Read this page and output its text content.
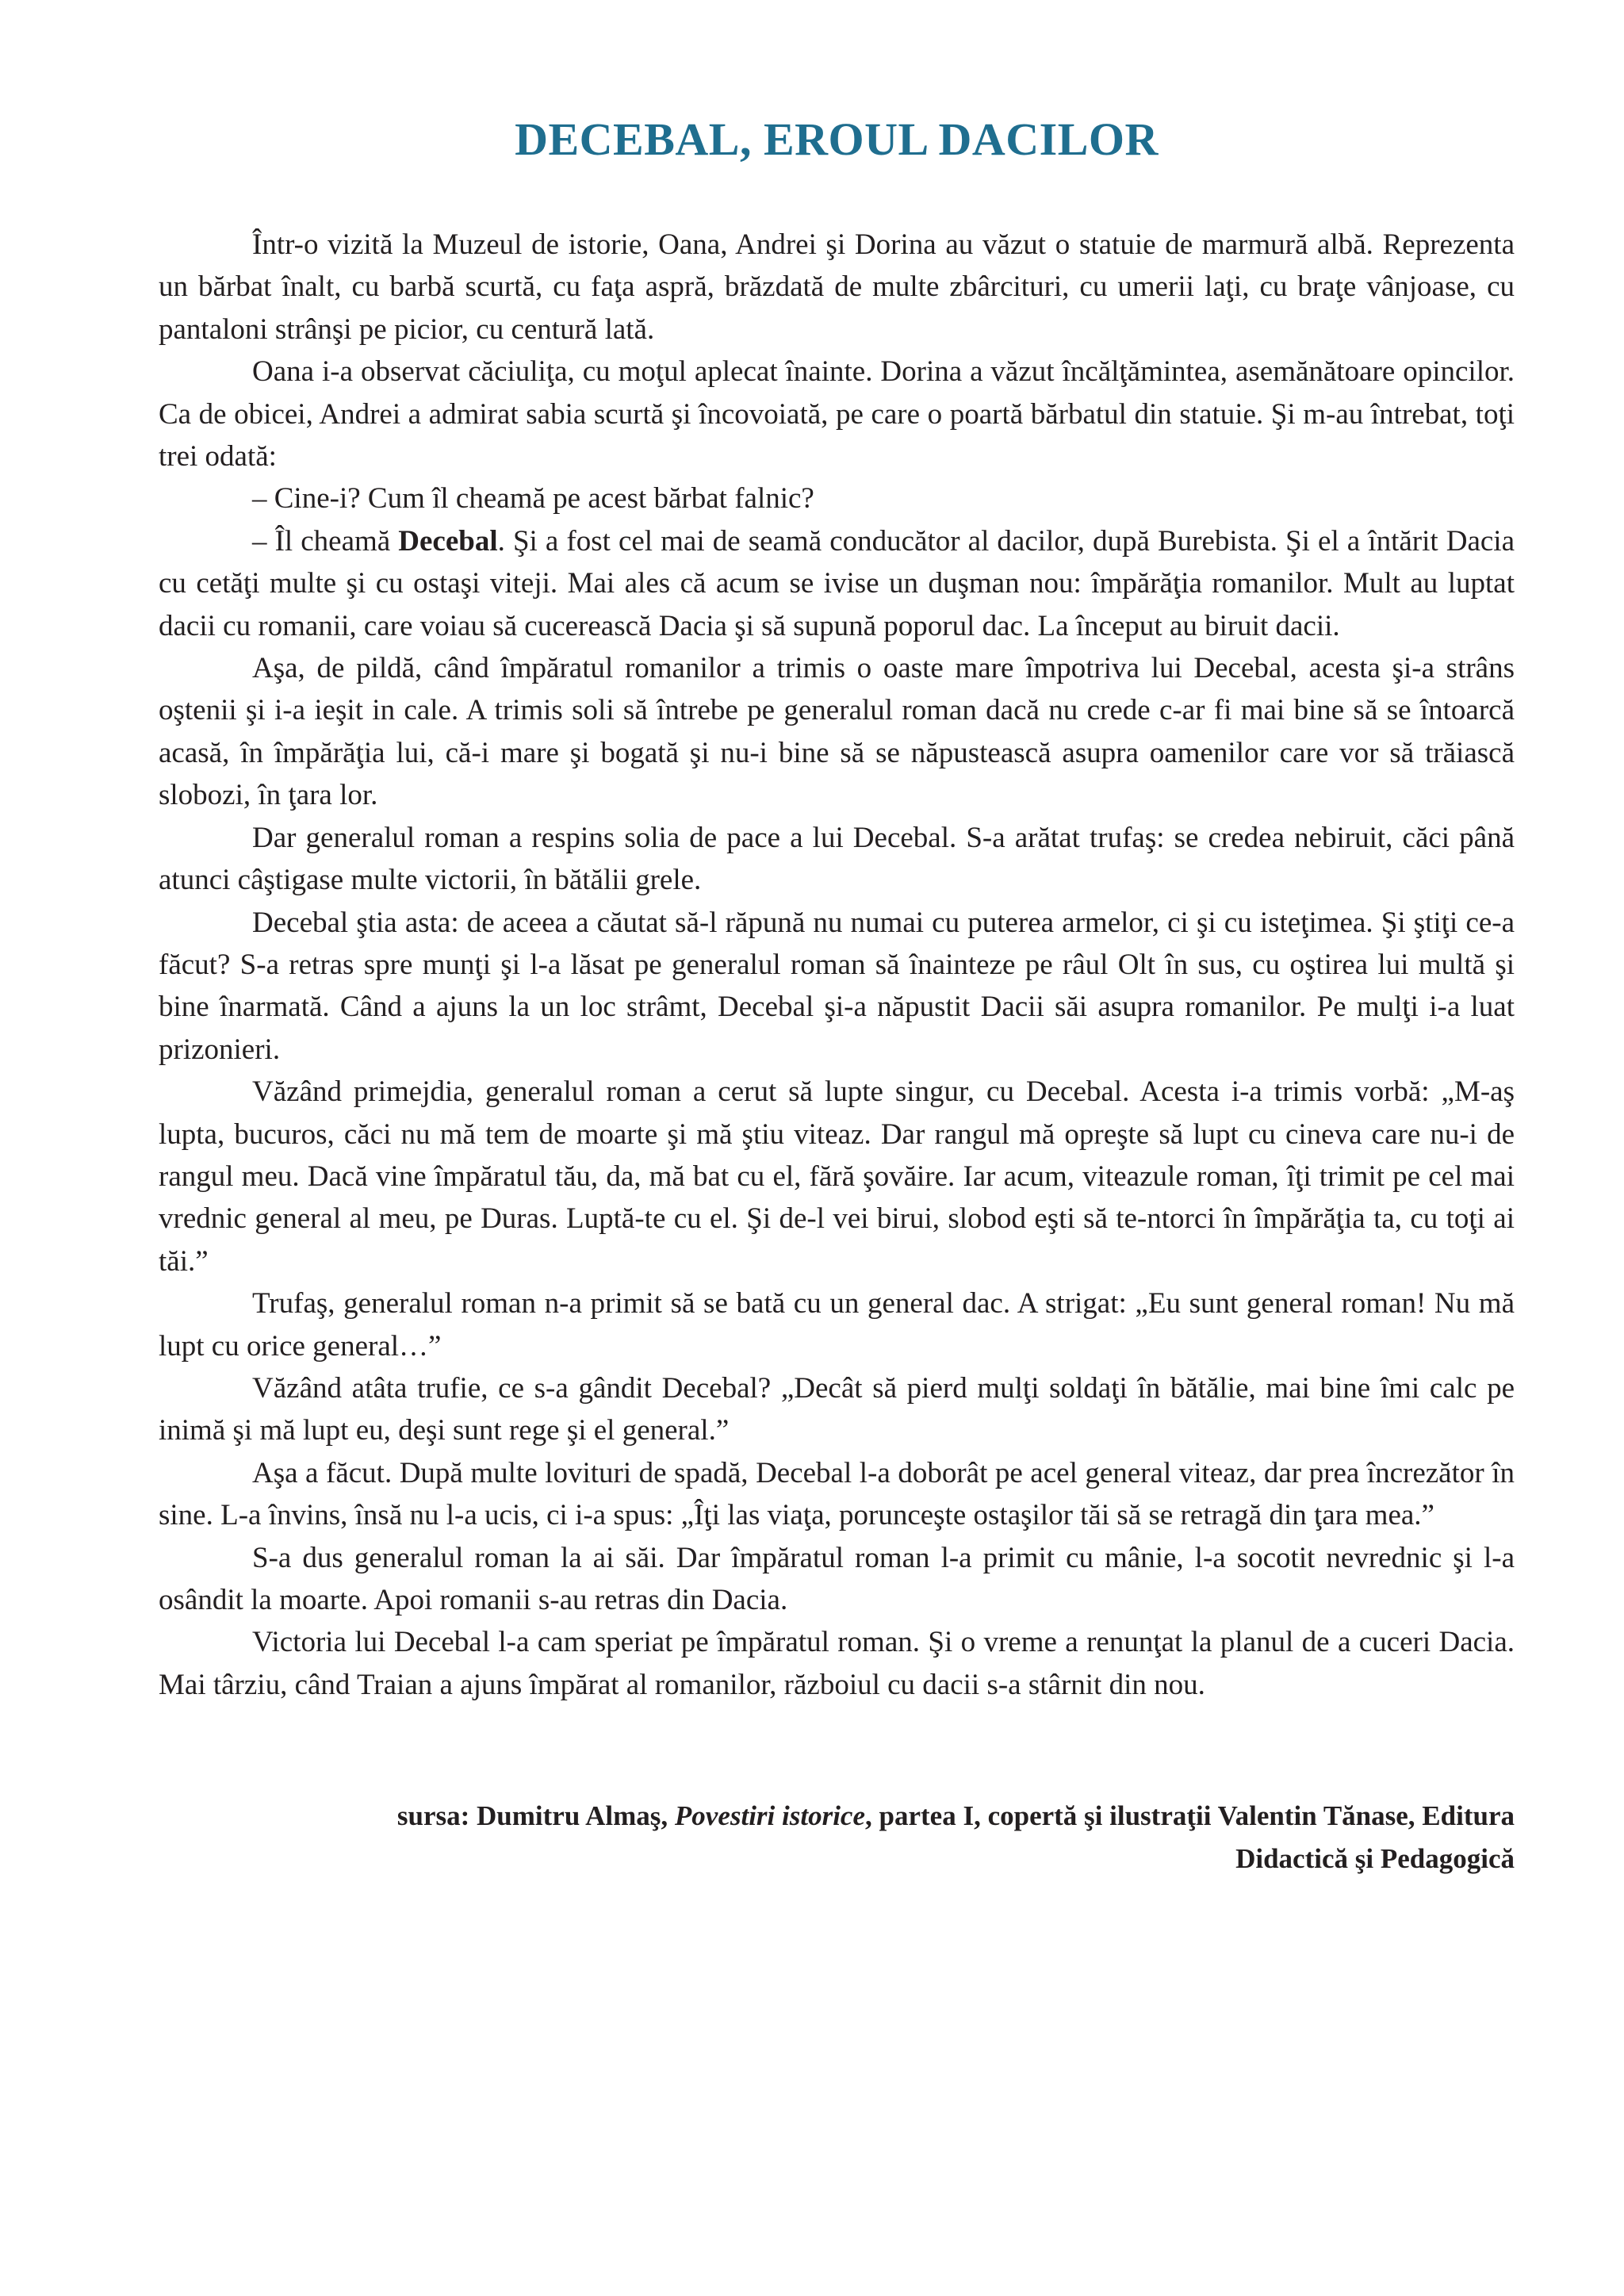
DECEBAL, EROUL DACILOR

Într-o vizită la Muzeul de istorie, Oana, Andrei şi Dorina au văzut o statuie de marmură albă. Reprezenta un bărbat înalt, cu barbă scurtă, cu faţa aspră, brăzdată de multe zbârcituri, cu umerii laţi, cu braţe vânjoase, cu pantaloni strânşi pe picior, cu centură lată.

Oana i-a observat căciuliţa, cu moţul aplecat înainte. Dorina a văzut încălţămintea, asemănătoare opincilor. Ca de obicei, Andrei a admirat sabia scurtă şi încovoiată, pe care o poartă bărbatul din statuie. Şi m-au întrebat, toţi trei odată:

– Cine-i? Cum îl cheamă pe acest bărbat falnic?

– Îl cheamă Decebal. Şi a fost cel mai de seamă conducător al dacilor, după Burebista. Şi el a întărit Dacia cu cetăţi multe şi cu ostaşi viteji. Mai ales că acum se ivise un duşman nou: împărăţia romanilor. Mult au luptat dacii cu romanii, care voiau să cucerească Dacia şi să supună poporul dac. La început au biruit dacii.

Aşa, de pildă, când împăratul romanilor a trimis o oaste mare împotriva lui Decebal, acesta şi-a strâns oştenii şi i-a ieşit in cale. A trimis soli să întrebe pe generalul roman dacă nu crede c-ar fi mai bine să se întoarcă acasă, în împărăţia lui, că-i mare şi bogată şi nu-i bine să se năpustească asupra oamenilor care vor să trăiască slobozi, în ţara lor.

Dar generalul roman a respins solia de pace a lui Decebal. S-a arătat trufaş: se credea nebiruit, căci până atunci câştigase multe victorii, în bătălii grele.

Decebal ştia asta: de aceea a căutat să-l răpună nu numai cu puterea armelor, ci şi cu isteţimea. Şi ştiţi ce-a făcut? S-a retras spre munţi şi l-a lăsat pe generalul roman să înainteze pe râul Olt în sus, cu oştirea lui multă şi bine înarmată. Când a ajuns la un loc strâmt, Decebal şi-a năpustit Dacii săi asupra romanilor. Pe mulţi i-a luat prizonieri.

Văzând primejdia, generalul roman a cerut să lupte singur, cu Decebal. Acesta i-a trimis vorbă: „M-aş lupta, bucuros, căci nu mă tem de moarte şi mă ştiu viteaz. Dar rangul mă opreşte să lupt cu cineva care nu-i de rangul meu. Dacă vine împăratul tău, da, mă bat cu el, fără şovăire. Iar acum, viteazule roman, îţi trimit pe cel mai vrednic general al meu, pe Duras. Luptă-te cu el. Şi de-l vei birui, slobod eşti să te-ntorci în împărăţia ta, cu toţi ai tăi.”

Trufaş, generalul roman n-a primit să se bată cu un general dac. A strigat: „Eu sunt general roman! Nu mă lupt cu orice general…”

Văzând atâta trufie, ce s-a gândit Decebal? „Decât să pierd mulţi soldaţi în bătălie, mai bine îmi calc pe inimă şi mă lupt eu, deşi sunt rege şi el general.”

Aşa a făcut. După multe lovituri de spadă, Decebal l-a doborât pe acel general viteaz, dar prea încrezător în sine. L-a învins, însă nu l-a ucis, ci i-a spus: „Îţi las viaţa, porunceşte ostaşilor tăi să se retragă din ţara mea.”

S-a dus generalul roman la ai săi. Dar împăratul roman l-a primit cu mânie, l-a socotit nevrednic şi l-a osândit la moarte. Apoi romanii s-au retras din Dacia.

Victoria lui Decebal l-a cam speriat pe împăratul roman. Şi o vreme a renunţat la planul de a cuceri Dacia. Mai târziu, când Traian a ajuns împărat al romanilor, războiul cu dacii s-a stârnit din nou.

sursa: Dumitru Almaş, Povestiri istorice, partea I, copertă şi ilustraţii Valentin Tănase, Editura
Didactică şi Pedagogică
